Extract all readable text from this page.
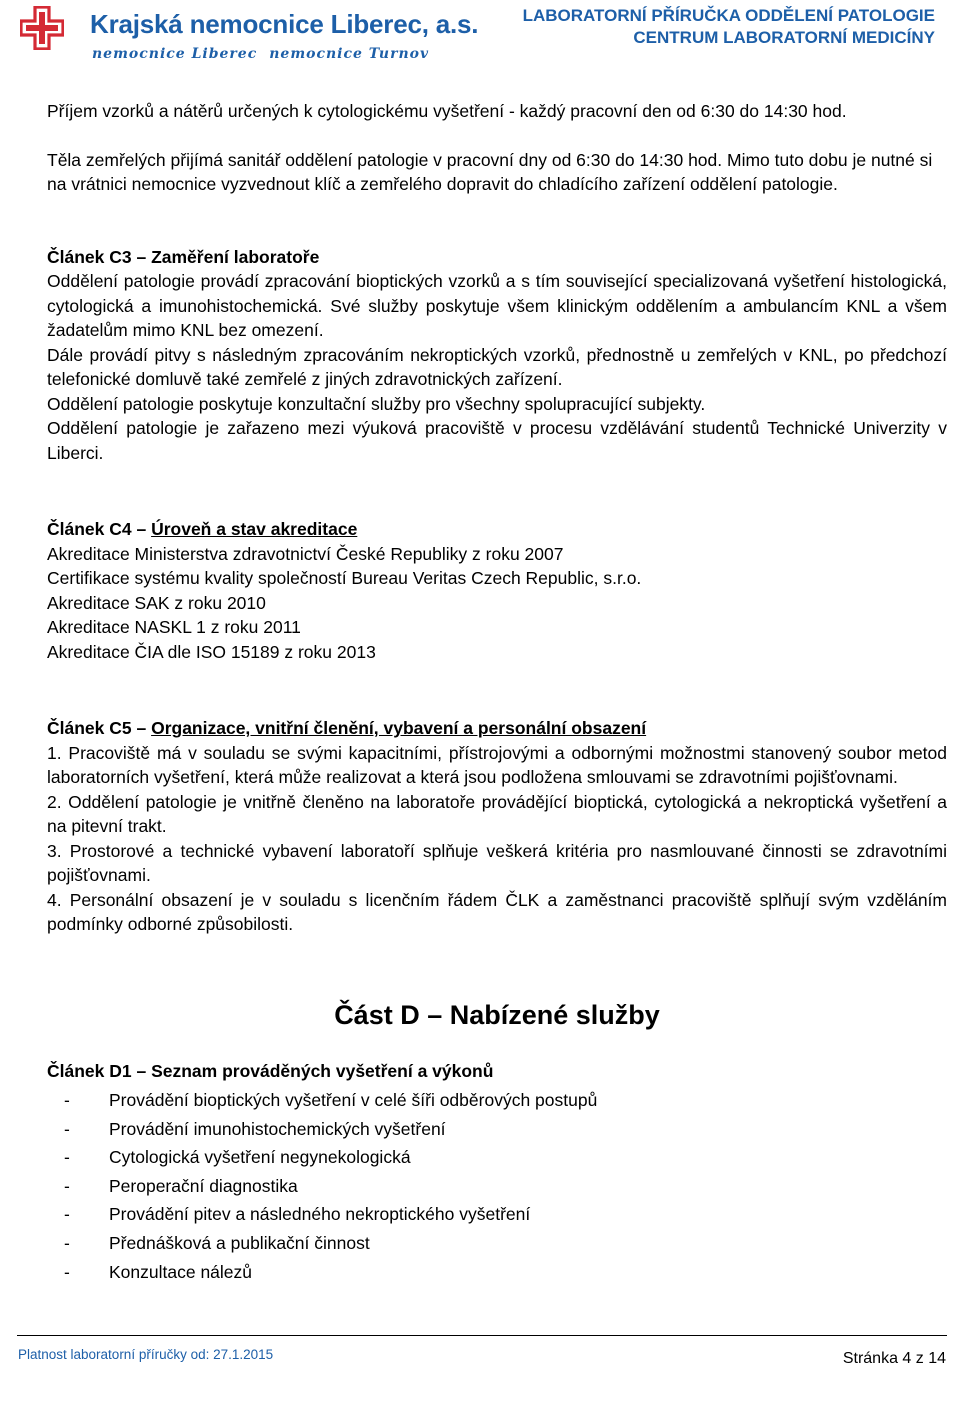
Krajská nemocnice Liberec, a.s.
nemocnice Liberec nemocnice Turnov
LABORATORNÍ PŘÍRUČKA ODDĚLENÍ PATOLOGIE
CENTRUM LABORATORNÍ MEDICÍNY

Příjem vzorků a nátěrů určených k cytologickému vyšetření - každý pracovní den od 6:30 do 14:30 hod.

Těla zemřelých přijímá sanitář oddělení patologie v pracovní dny od 6:30 do 14:30 hod. Mimo tuto dobu je nutné si na vrátnici nemocnice vyzvednout klíč a zemřelého dopravit do chladícího zařízení oddělení patologie.

Článek C3 – Zaměření laboratoře

Oddělení patologie provádí zpracování bioptických vzorků a s tím související specializovaná vyšetření histologická, cytologická a imunohistochemická. Své služby poskytuje všem klinickým oddělením a ambulancím KNL a všem žadatelům mimo KNL bez omezení.

Dále provádí pitvy s následným zpracováním nekroptických vzorků, přednostně u zemřelých v KNL, po předchozí telefonické domluvě také zemřelé z jiných zdravotnických zařízení.

Oddělení patologie poskytuje konzultační služby pro všechny spolupracující subjekty.

Oddělení patologie je zařazeno mezi výuková pracoviště v procesu vzdělávání studentů Technické Univerzity v Liberci.

Článek C4 – Úroveň a stav akreditace

Akreditace Ministerstva zdravotnictví České Republiky z roku 2007

Certifikace systému kvality společností Bureau Veritas Czech Republic, s.r.o.

Akreditace SAK z roku 2010

Akreditace NASKL 1 z roku 2011

Akreditace ČIA dle ISO 15189 z roku 2013

Článek C5 – Organizace, vnitřní členění, vybavení a personální obsazení

1. Pracoviště má v souladu se svými kapacitními, přístrojovými a odbornými možnostmi stanovený soubor metod laboratorních vyšetření, která může realizovat a která jsou podložena smlouvami se zdravotními pojišťovnami.

2. Oddělení patologie je vnitřně členěno na laboratoře provádějící bioptická, cytologická a nekroptická vyšetření a na pitevní trakt.

3. Prostorové a technické vybavení laboratoří splňuje veškerá kritéria pro nasmlouvané činnosti se zdravotními pojišťovnami.

4. Personální obsazení je v souladu s licenčním řádem ČLK a zaměstnanci pracoviště splňují svým vzděláním podmínky odborné způsobilosti.

Část D – Nabízené služby

Článek D1 – Seznam prováděných vyšetření a výkonů

- Provádění bioptických vyšetření v celé šíři odběrových postupů
- Provádění imunohistochemických vyšetření
- Cytologická vyšetření negynekologická
- Peroperační diagnostika
- Provádění pitev a následného nekroptického vyšetření
- Přednášková a publikační činnost
- Konzultace nálezů
Platnost laboratorní příručky od: 27.1.2015	Stránka 4 z 14
